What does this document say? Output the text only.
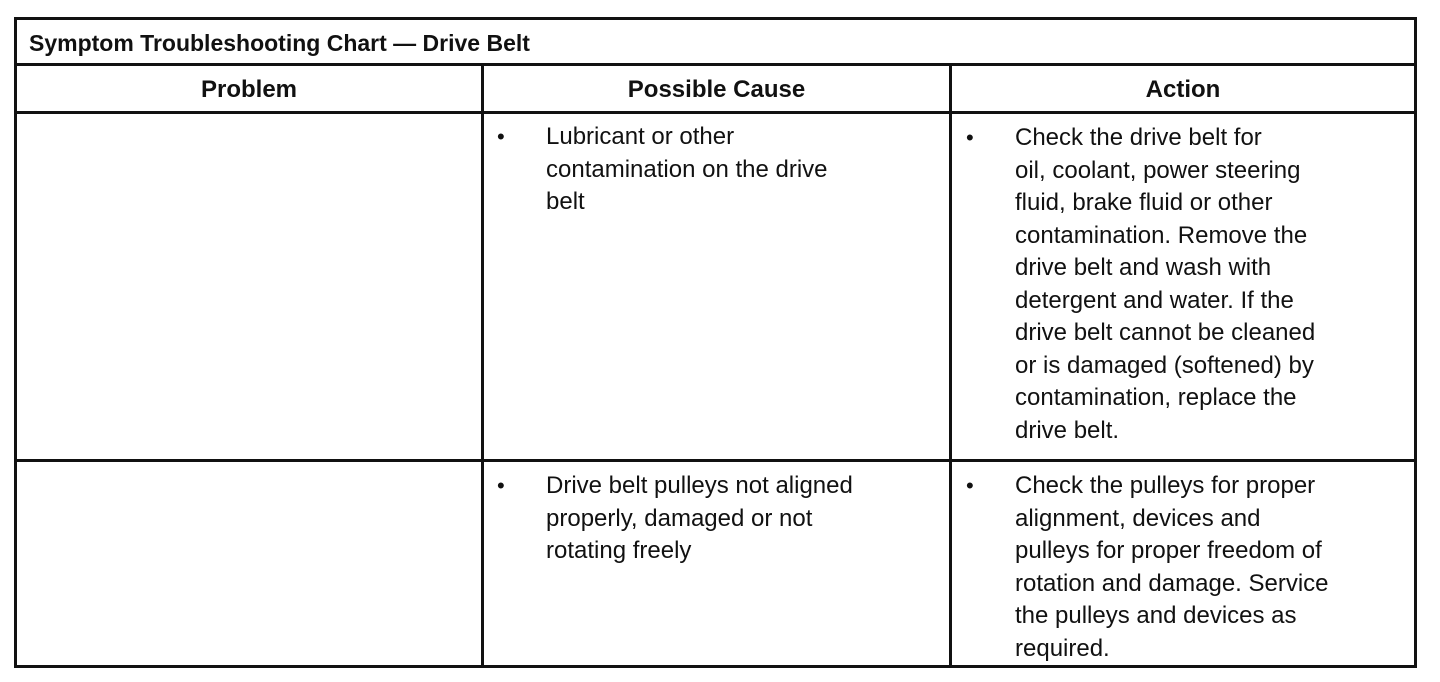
Symptom Troubleshooting Chart — Drive Belt
Problem	Possible Cause	Action
• Lubricant or other
contamination on the drive
belt
• Check the drive belt for
oil, coolant, power steering
fluid, brake fluid or other
contamination. Remove the
drive belt and wash with
detergent and water. If the
drive belt cannot be cleaned
or is damaged (softened) by
contamination, replace the
drive belt.
• Drive belt pulleys not aligned
properly, damaged or not
rotating freely
• Check the pulleys for proper
alignment, devices and
pulleys for proper freedom of
rotation and damage. Service
the pulleys and devices as
required.
